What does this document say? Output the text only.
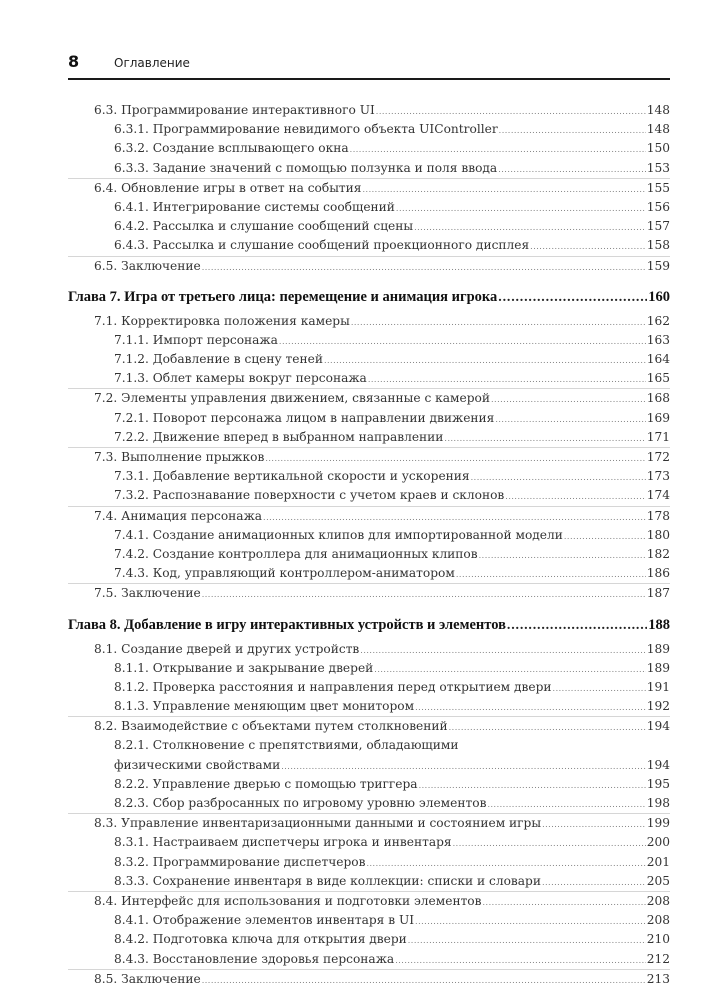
8	Оглавление
6.3. Программирование интерактивного UI .....	148
6.3.1. Программирование невидимого объекта UIController .....	148
6.3.2. Создание всплывающего окна .....	150
6.3.3. Задание значений с помощью ползунка и поля ввода .....	153
6.4. Обновление игры в ответ на события .....	155
6.4.1. Интегрирование системы сообщений .....	156
6.4.2. Рассылка и слушание сообщений сцены .....	157
6.4.3. Рассылка и слушание сообщений проекционного дисплея .....	158
6.5. Заключение .....	159
Глава 7. Игра от третьего лица: перемещение и анимация игрока .....	160
7.1. Корректировка положения камеры .....	162
7.1.1. Импорт персонажа .....	163
7.1.2. Добавление в сцену теней .....	164
7.1.3. Облет камеры вокруг персонажа .....	165
7.2. Элементы управления движением, связанные с камерой .....	168
7.2.1. Поворот персонажа лицом в направлении движения .....	169
7.2.2. Движение вперед в выбранном направлении .....	171
7.3. Выполнение прыжков .....	172
7.3.1. Добавление вертикальной скорости и ускорения .....	173
7.3.2. Распознавание поверхности с учетом краев и склонов .....	174
7.4. Анимация персонажа .....	178
7.4.1. Создание анимационных клипов для импортированной модели .....	180
7.4.2. Создание контроллера для анимационных клипов .....	182
7.4.3. Код, управляющий контроллером-аниматором .....	186
7.5. Заключение .....	187
Глава 8. Добавление в игру интерактивных устройств и элементов .....	188
8.1. Создание дверей и других устройств .....	189
8.1.1. Открывание и закрывание дверей .....	189
8.1.2. Проверка расстояния и направления перед открытием двери .....	191
8.1.3. Управление меняющим цвет монитором .....	192
8.2. Взаимодействие с объектами путем столкновений .....	194
8.2.1. Столкновение с препятствиями, обладающими
физическими свойствами .....	194
8.2.2. Управление дверью с помощью триггера .....	195
8.2.3. Сбор разбросанных по игровому уровню элементов .....	198
8.3. Управление инвентаризационными данными и состоянием игры .....	199
8.3.1. Настраиваем диспетчеры игрока и инвентаря .....	200
8.3.2. Программирование диспетчеров .....	201
8.3.3. Сохранение инвентаря в виде коллекции: списки и словари .....	205
8.4. Интерфейс для использования и подготовки элементов .....	208
8.4.1. Отображение элементов инвентаря в UI .....	208
8.4.2. Подготовка ключа для открытия двери .....	210
8.4.3. Восстановление здоровья персонажа .....	212
8.5. Заключение .....	213
